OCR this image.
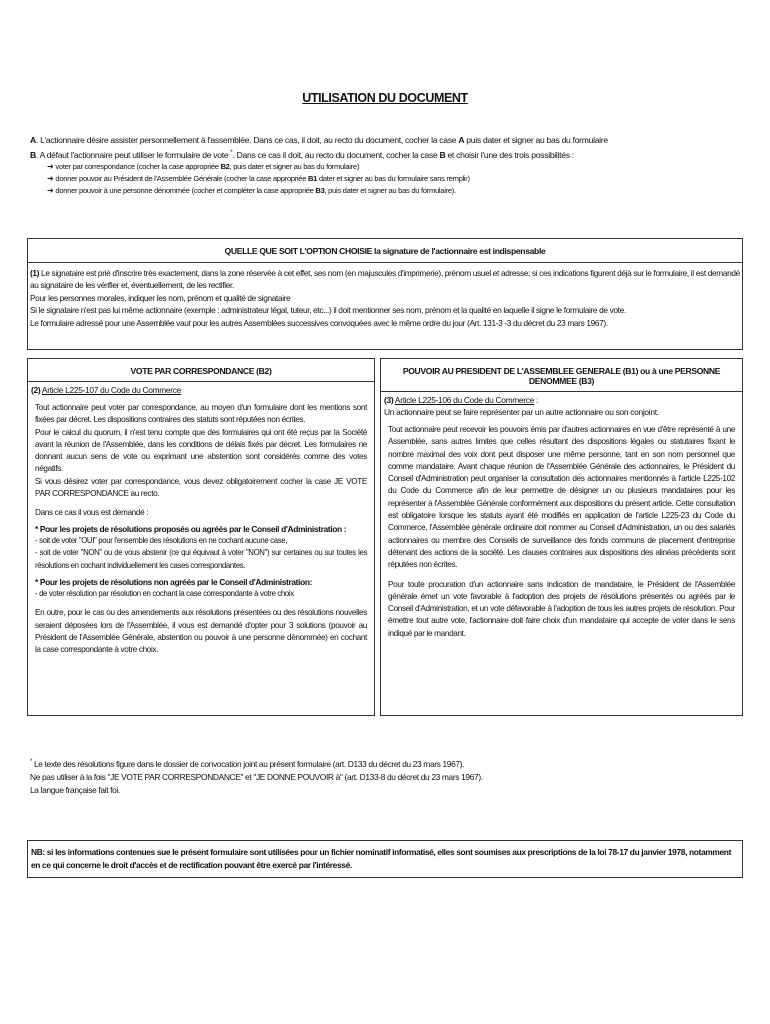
UTILISATION DU DOCUMENT
A. L'actionnaire désire assister personnellement à l'assemblée. Dans ce cas, il doit, au recto du document, cocher la case A puis dater et signer au bas du formulaire
B. A défaut l'actionnaire peut utiliser le formulaire de vote *. Dans ce cas il doit, au recto du document, cocher la case B et choisir l'une des trois possibilités :
➜ voter par correspondance (cocher la case appropriée B2, puis dater et signer au bas du formulaire)
➜ donner pouvoir au Président de l'Assemblée Générale (cocher la case appropriée B1 dater et signer au bas du formulaire sans remplir)
➜ donner pouvoir à une personne dénommée (cocher et compléter la case appropriée B3, puis dater et signer au bas du formulaire).
QUELLE QUE SOIT L'OPTION CHOISIE la signature de l'actionnaire est indispensable
(1) Le signataire est prié d'inscrire très exactement, dans la zone réservée à cet effet, ses nom (en majuscules d'imprimerie), prénom usuel et adresse; si ces indications figurent déjà sur le formulaire, il est demandé au signataire de les vérifier et, éventuellement, de les rectifier.
Pour les personnes morales, indiquer les nom, prénom et qualité de signataire
Si le signataire n'est pas lui même actionnaire (exemple : administrateur légal, tuteur, etc...) il doit mentionner ses nom, prénom et la qualité en laquelle il signe le formulaire de vote.
Le formulaire adressé pour une Assemblée vaut pour les autres Assemblées successives convoquées avec le même ordre du jour (Art. 131-3 -3 du décret du 23 mars 1967).
VOTE PAR CORRESPONDANCE (B2)
(2) Article L225-107 du Code du Commerce

Tout actionnaire peut voter par correspondance, au moyen d'un formulaire dont les mentions sont fixées par décret. Les dispositions contraires des statuts sont réputées non écrites.

Pour le calcul du quorum, il n'est tenu compte que des formulaires qui ont été reçus par la Société avant la réunion de l'Assemblée, dans les conditions de délais fixés par décret. Les formulaires ne donnant aucun sens de vote ou exprimant une abstention sont considérés comme des votes négatifs.

Si vous désirez voter par correspondance, vous devez obligatoirement cocher la case JE VOTE PAR CORRESPONDANCE au recto.

Dans ce cas il vous est demandé :

* Pour les projets de résolutions proposés ou agréés par le Conseil d'Administration :

- soit de voter "OUI" pour l'ensemble des résolutions en ne cochant aucune case,

- soit de voter "NON" ou de vous abstenir (ce qui équivaut à voter "NON") sur certaines ou sur toutes les résolutions en cochant individuellement les cases correspondantes.

* Pour les projets de résolutions non agréés par le Conseil d'Administration:

- de voter résolution par résolution en cochant la case correspondante à votre choix

En outre, pour le cas ou des amendements aux résolutions présentées ou des résolutions nouvelles seraient déposées lors de l'Assemblée, il vous est demandé d'opter pour 3 solutions (pouvoir au Président de l'Assemblée Générale, abstention ou pouvoir à une personne dénommée) en cochant la case correspondante à votre choix.

POUVOIR AU PRESIDENT DE L'ASSEMBLEE GENERALE (B1) ou à une PERSONNE DENOMMEE (B3)
(3) Article L225-106 du Code du Commerce :
Un actionnaire peut se faire représenter par un autre actionnaire ou son conjoint.

Tout actionnaire peut recevoir les pouvoirs émis par d'autres actionnaires en vue d'être représenté à une Assemblée, sans autres limites que celles résultant des dispositions légales ou statutaires fixant le nombre maximal des voix dont peut disposer une même personne, tant en son nom personnel que comme mandataire. Avant chaque réunion de l'Assemblée Générale des actionnaires, le Président du Conseil d'Administration peut organiser la consultation des actionnaires mentionnés à l'article L225-102 du Code du Commerce afin de leur permettre de désigner un ou plusieurs mandataires pour les représenter à l'Assemblée Générale conformément aux dispositions du présent article. Cette consultation est obligatoire lorsque les statuts ayant été modifiés en application de l'article L225-23 du Code du Commerce, l'Assemblée générale ordinaire doit nommer au Conseil d'Administration, un ou des salariés actionnaires ou membre des Conseils de surveillance des fonds communs de placement d'entreprise détenant des actions de la société. Les clauses contraires aux dispositions des alinéas précédents sont réputées non écrites.

Pour toute procuration d'un actionnaire sans indication de mandataire, le Président de l'Assemblée générale émet un vote favorable à l'adoption des projets de résolutions présentés ou agréés par le Conseil d'Administration, et un vote défavorable à l'adoption de tous les autres projets de résolution. Pour émettre tout autre vote, l'actionnaire doit faire choix d'un mandataire qui accepte de voter dans le sens indiqué par le mandant.

* Le texte des résolutions figure dans le dossier de convocation joint au présent formulaire (art. D133 du décret du 23 mars 1967).
Ne pas utiliser à la fois "JE VOTE PAR CORRESPONDANCE" et "JE DONNE POUVOIR à" (art. D133-8 du décret du 23 mars 1967).
La langue française fait foi.
NB: si les informations contenues sue le présent formulaire sont utilisées pour un fichier nominatif informatisé, elles sont soumises aux prescriptions de la loi 78-17 du janvier 1978, notamment en ce qui concerne le droit d'accès et de rectification pouvant être exercé par l'intéressé.
